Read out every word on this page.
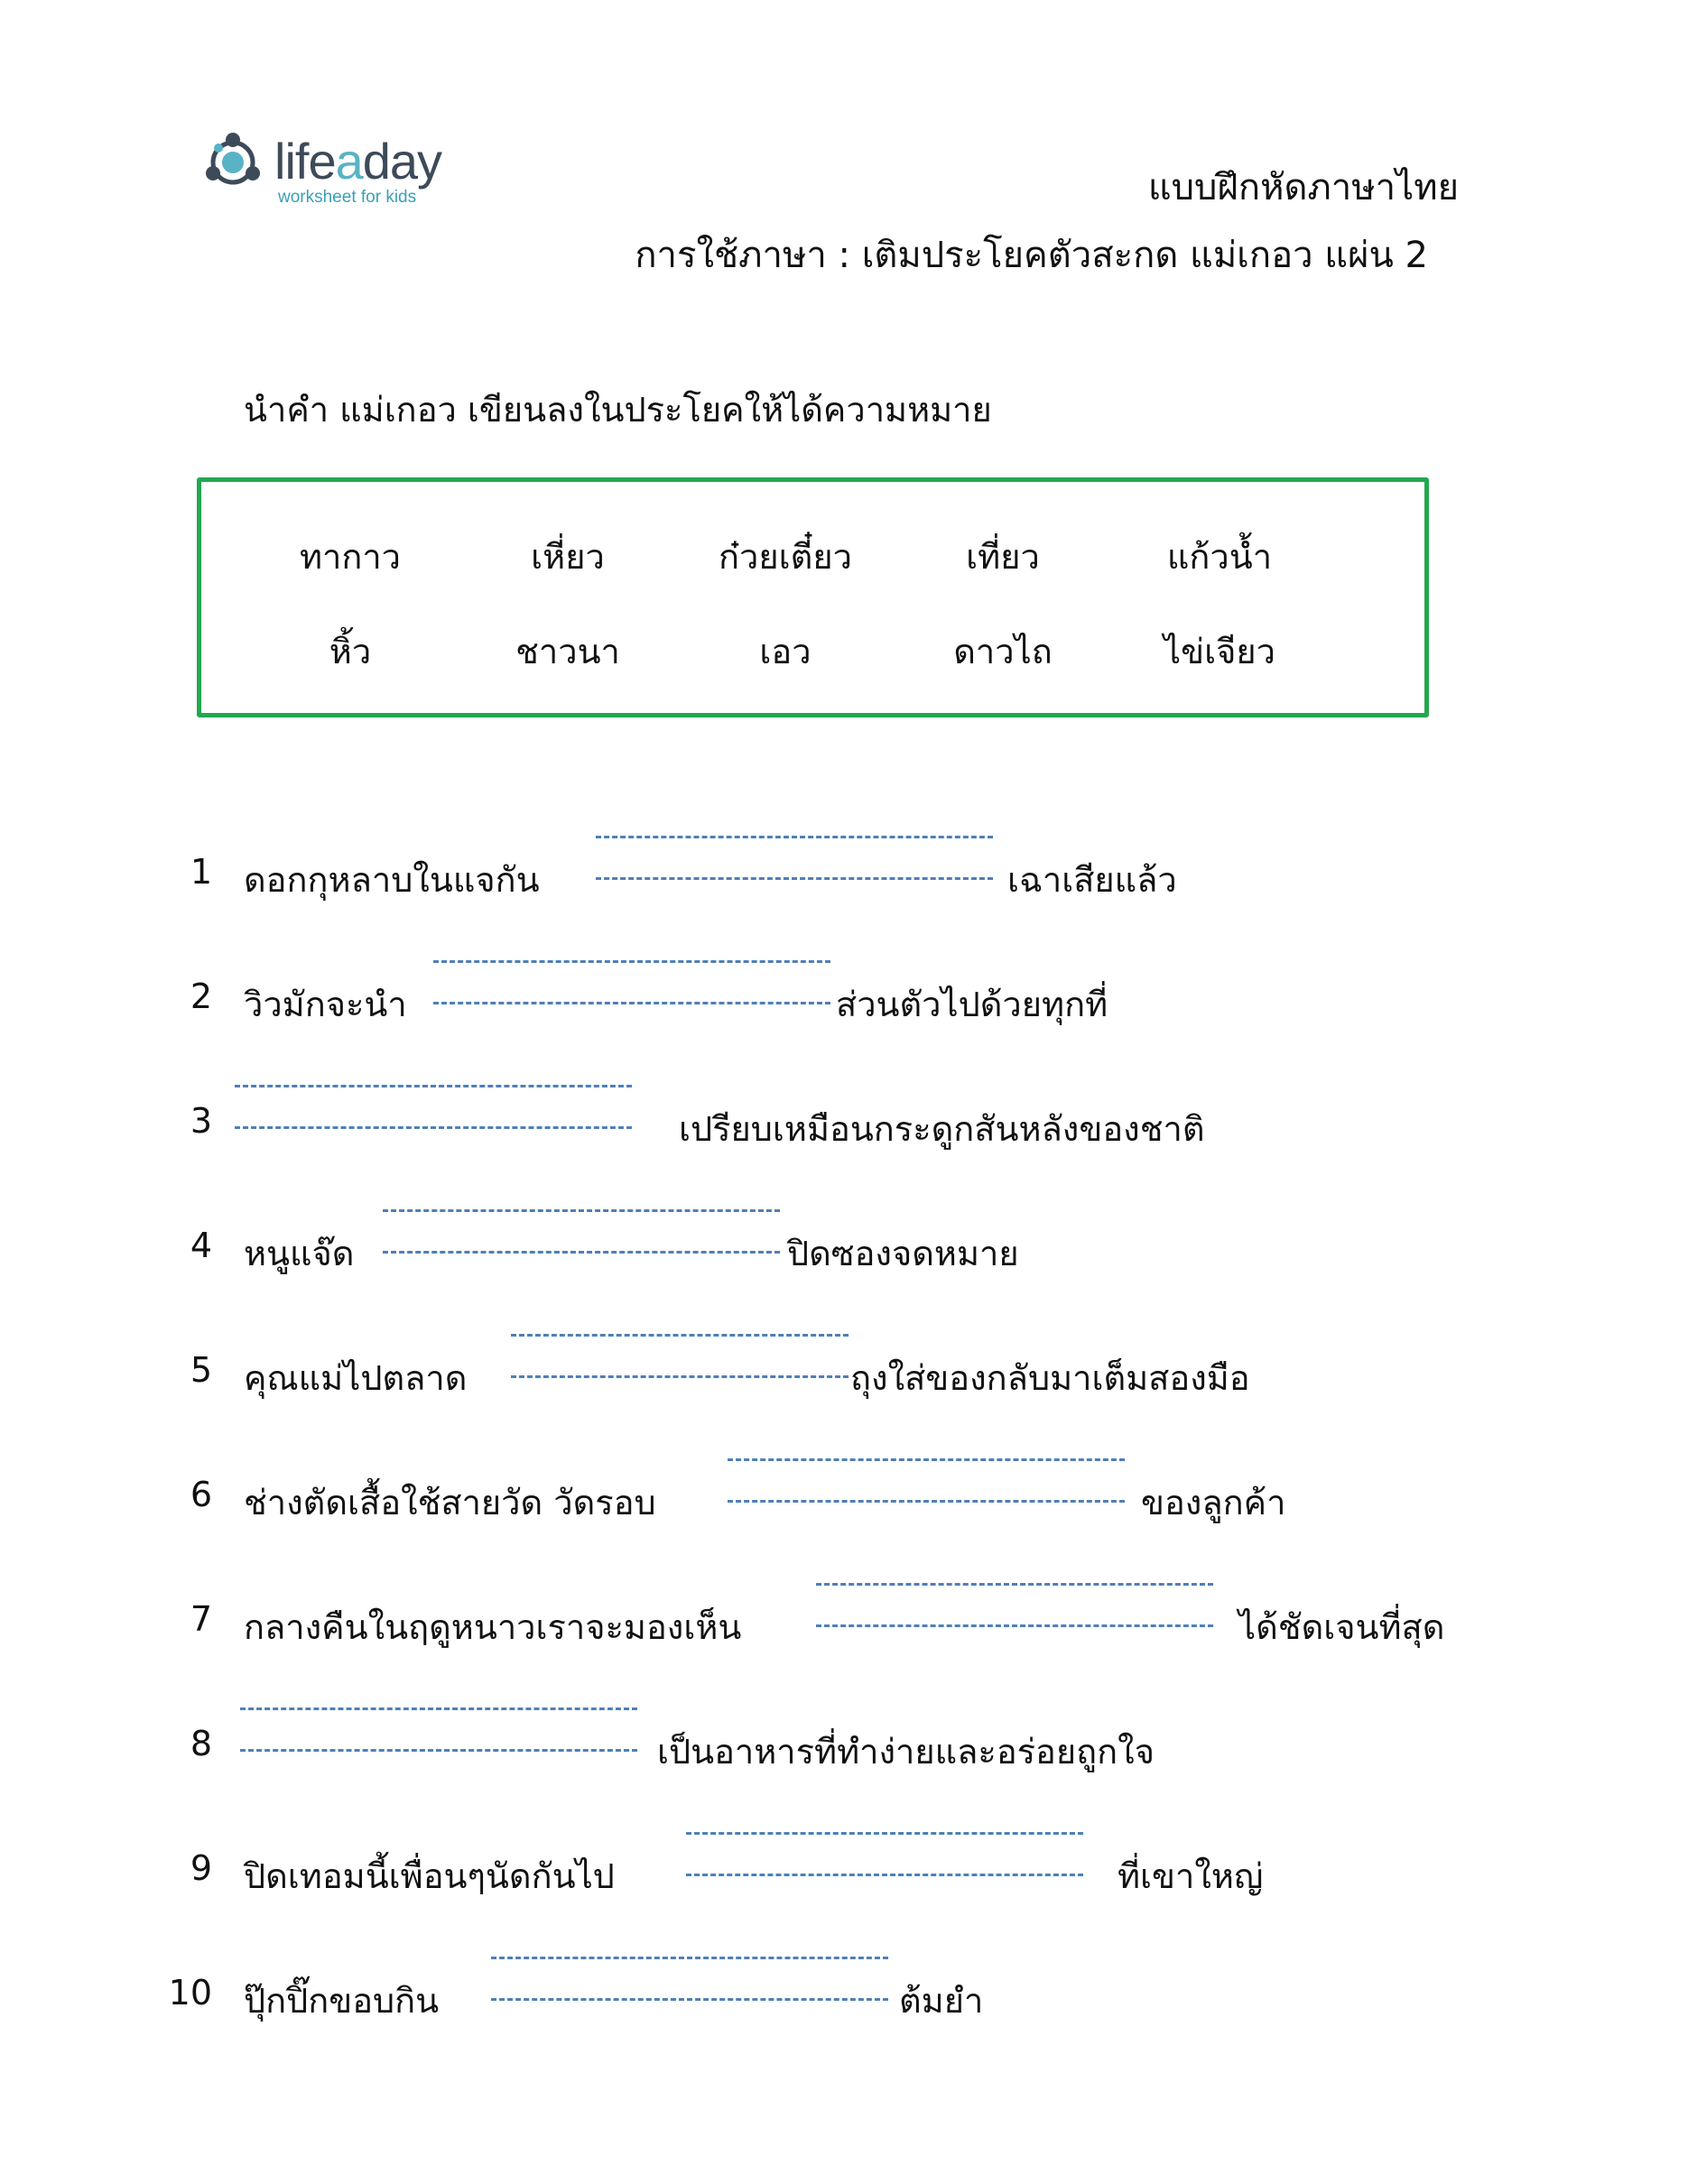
lifeaday
worksheet for kids	แบบฝึกหัดภาษาไทย
การใช้ภาษา : เติมประโยคตัวสะกด แม่เกอว แผ่น 2
นำคำ แม่เกอว เขียนลงในประโยคให้ได้ความหมาย
ทากาว	เหี่ยว	ก๋วยเตี๋ยว	เที่ยว	แก้วน้ำ
หิ้ว	ชาวนา	เอว	ดาวไถ	ไข่เจียว
1 ดอกกุหลาบในแจกัน	เฉาเสียแล้ว
2 วิวมักจะนำ	ส่วนตัวไปด้วยทุกที่
3	เปรียบเหมือนกระดูกสันหลังของชาติ
4 หนูแจ๊ด	ปิดซองจดหมาย
5 คุณแม่ไปตลาด	ถุงใส่ของกลับมาเต็มสองมือ
6 ช่างตัดเสื้อใช้สายวัด วัดรอบ	ของลูกค้า
7 กลางคืนในฤดูหนาวเราจะมองเห็น	ได้ชัดเจนที่สุด
8	เป็นอาหารที่ทำง่ายและอร่อยถูกใจ
9 ปิดเทอมนี้เพื่อนๆนัดกันไป	ที่เขาใหญ่
10 ปุ๊กปิ๊กขอบกิน	ต้มยำ
